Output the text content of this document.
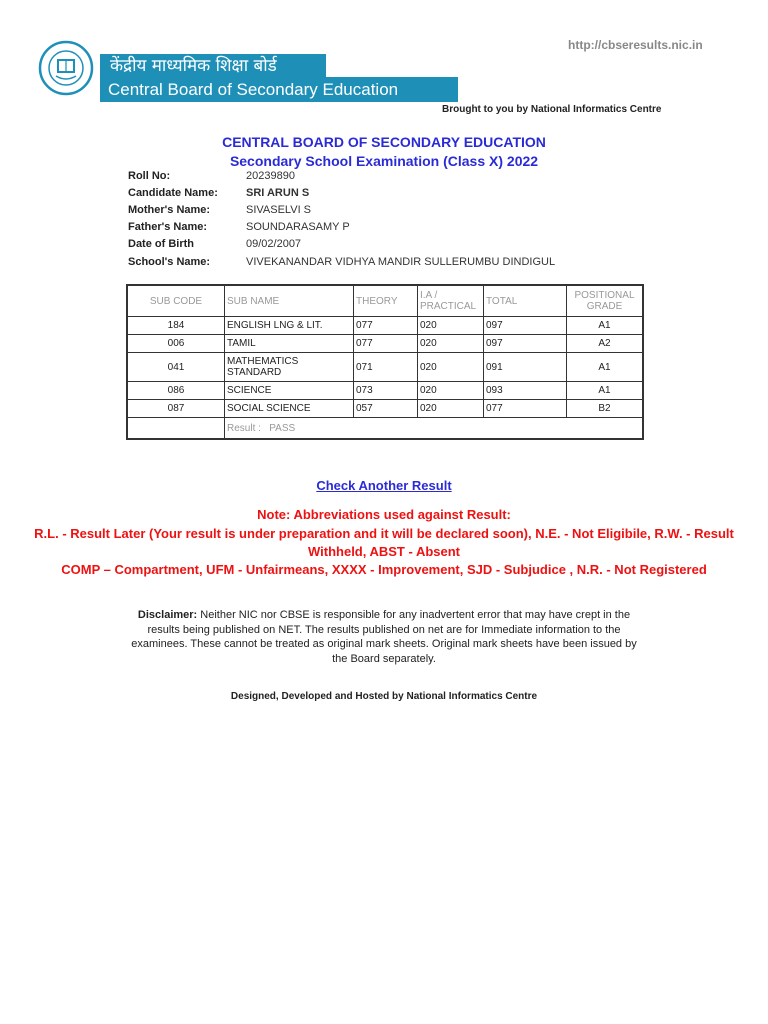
http://cbseresults.nic.in
केंद्रीय माध्यमिक शिक्षा बोर्ड
Central Board of Secondary Education
Brought to you by National Informatics Centre
CENTRAL BOARD OF SECONDARY EDUCATION
Secondary School Examination (Class X) 2022
Roll No:	20239890
Candidate Name:	SRI ARUN S
Mother's Name:	SIVASELVI S
Father's Name:	SOUNDARASAMY P
Date of Birth	09/02/2007
School's Name:	VIVEKANANDAR VIDHYA MANDIR SULLERUMBU DINDIGUL
SUB CODE	SUB NAME	THEORY	I.A / PRACTICAL	TOTAL	POSITIONAL GRADE
184	ENGLISH LNG & LIT.	077	020	097	A1
006	TAMIL	077	020	097	A2
041	MATHEMATICS STANDARD	071	020	091	A1
086	SCIENCE	073	020	093	A1
087	SOCIAL SCIENCE	057	020	077	B2
	Result : PASS				
Check Another Result
Note: Abbreviations used against Result:
R.L. - Result Later (Your result is under preparation and it will be declared soon), N.E. - Not Eligibile, R.W. - Result Withheld, ABST - Absent
COMP – Compartment, UFM - Unfairmeans, XXXX - Improvement, SJD - Subjudice , N.R. - Not Registered
Disclaimer: Neither NIC nor CBSE is responsible for any inadvertent error that may have crept in the results being published on NET. The results published on net are for Immediate information to the examinees. These cannot be treated as original mark sheets. Original mark sheets have been issued by the Board separately.
Designed, Developed and Hosted by National Informatics Centre
